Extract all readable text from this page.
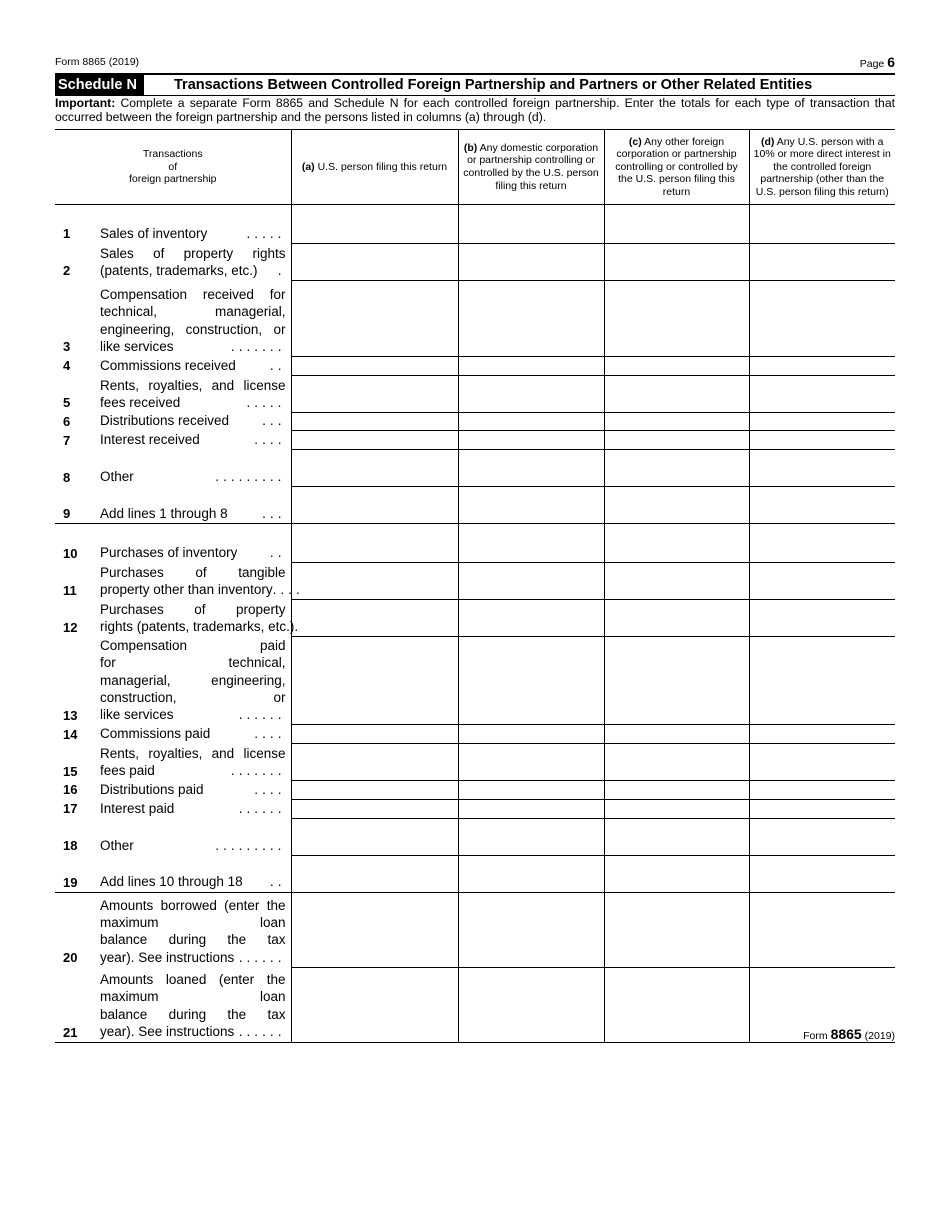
Form 8865 (2019)	Page 6
Schedule N	Transactions Between Controlled Foreign Partnership and Partners or Other Related Entities
Important: Complete a separate Form 8865 and Schedule N for each controlled foreign partnership. Enter the totals for each type of transaction that occurred between the foreign partnership and the persons listed in columns (a) through (d).
Transactions
of
foreign partnership		(a) U.S. person filing this return	(b) Any domestic corporation or partnership controlling or controlled by the U.S. person filing this return	(c) Any other foreign corporation or partnership controlling or controlled by the U.S. person filing this return	(d) Any U.S. person with a 10% or more direct interest in the controlled foreign partnership (other than the U.S. person filing this return)
1	Sales of inventory .....				

2	Sales of property rights
(patents, trademarks, etc.) .				

3	Compensation received for
technical, managerial,
engineering, construction, or
like services .......				

4	Commissions received ..				

5	Rents, royalties, and license
fees received .....				

6	Distributions received ...				

7	Interest received ....				

8	Other .........				

9	Add lines 1 through 8 ...				

10	Purchases of inventory ..				

11	Purchases of tangible
property other than inventory ....				

12	Purchases of property
rights (patents, trademarks, etc.) .				

13	Compensation paid
for technical,
managerial, engineering, construction, or
like services ......				

14	Commissions paid ....				

15	Rents, royalties, and license
fees paid .......				

16	Distributions paid ....				

17	Interest paid ......				

18	Other .........				

19	Add lines 10 through 18 ..				

20	Amounts borrowed (enter the
maximum loan
balance during the tax
year). See instructions ......				

21	Amounts loaned (enter the
maximum loan
balance during the tax
year). See instructions ......				
					Form 8865 (2019)
